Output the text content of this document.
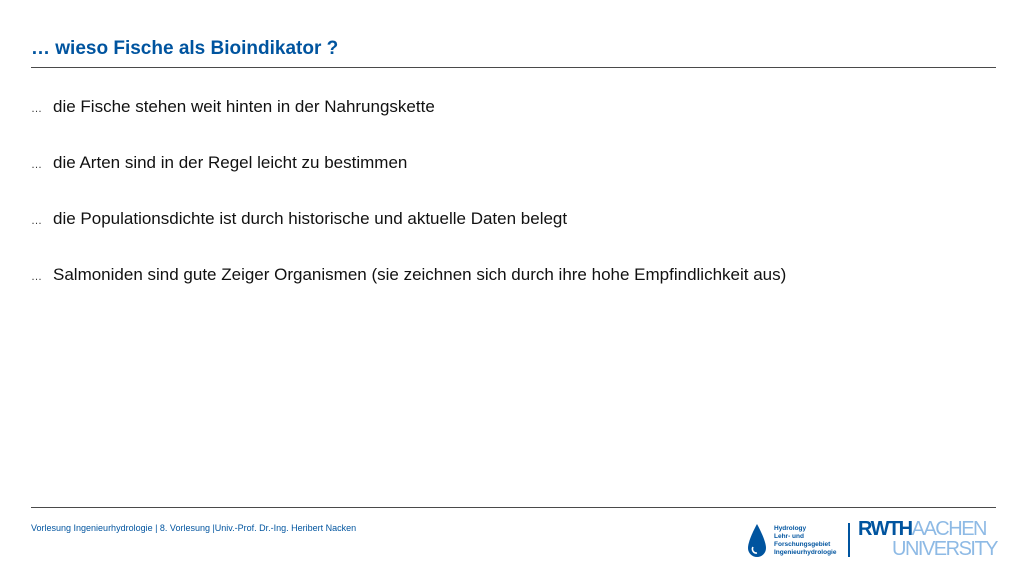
… wieso Fische als Bioindikator ?
… die Fische stehen weit hinten in der Nahrungskette
… die Arten sind in der Regel leicht zu bestimmen
… die Populationsdichte ist durch historische und aktuelle Daten belegt
… Salmoniden sind gute Zeiger Organismen (sie zeichnen sich durch ihre hohe Empfindlichkeit aus)
Vorlesung Ingenieurhydrologie | 8. Vorlesung |Univ.-Prof. Dr.-Ing. Heribert Nacken	Hydrology
Lehr- und
Forschungsgebiet
Ingenieurhydrologie
RWTHAACHEN
UNIVERSITY
